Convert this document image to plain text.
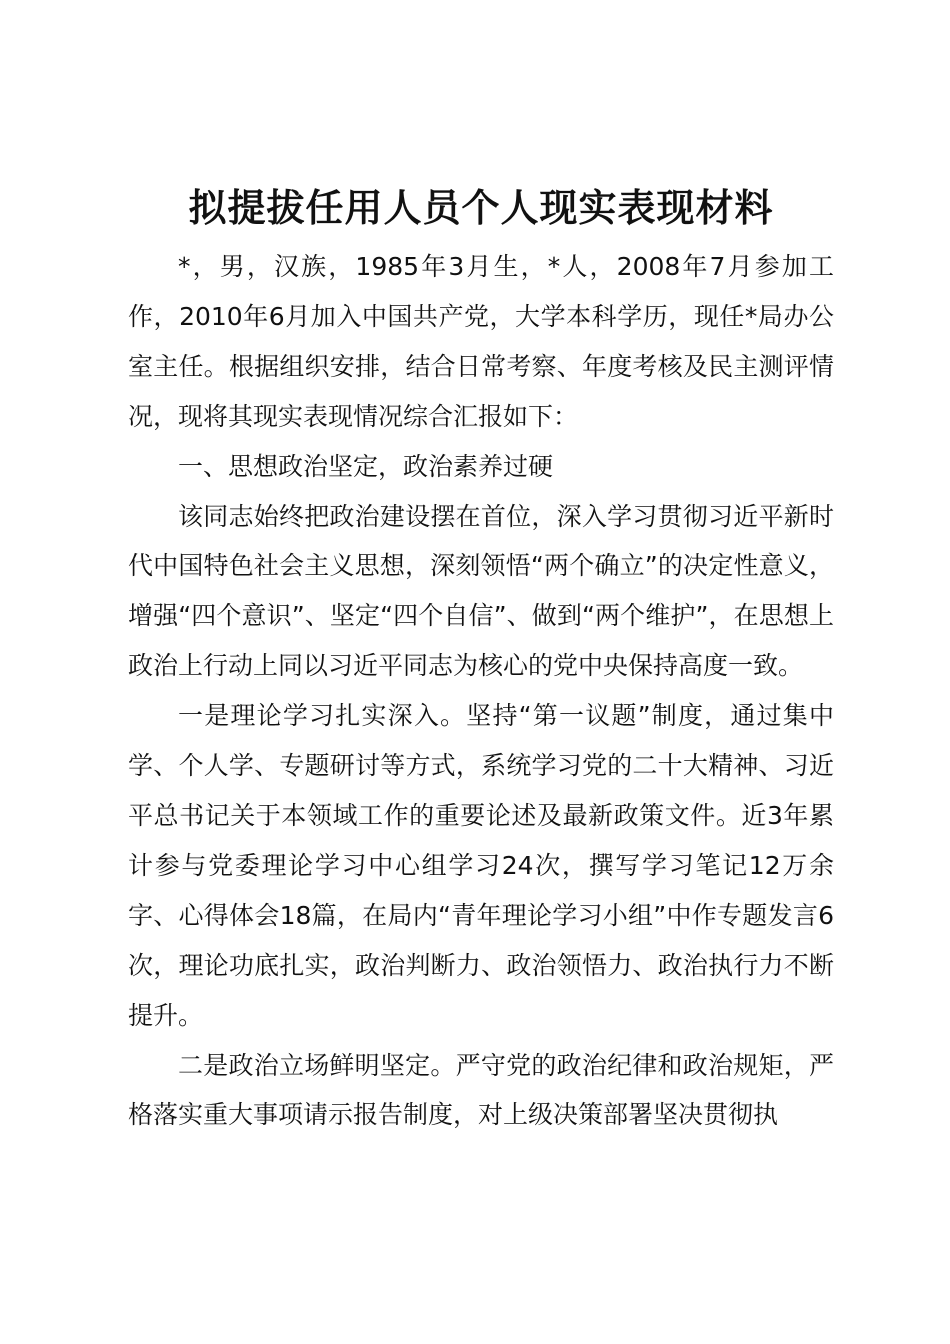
拟提拔任用人员个人现实表现材料

*，男，汉族，1985年3月生，*人，2008年7月参加工作，2010年6月加入中国共产党，大学本科学历，现任*局办公室主任。根据组织安排，结合日常考察、年度考核及民主测评情况，现将其现实表现情况综合汇报如下：

一、思想政治坚定，政治素养过硬

该同志始终把政治建设摆在首位，深入学习贯彻习近平新时代中国特色社会主义思想，深刻领悟“两个确立”的决定性意义，增强“四个意识”、坚定“四个自信”、做到“两个维护”，在思想上政治上行动上同以习近平同志为核心的党中央保持高度一致。

一是理论学习扎实深入。坚持“第一议题”制度，通过集中学、个人学、专题研讨等方式，系统学习党的二十大精神、习近平总书记关于本领域工作的重要论述及最新政策文件。近3年累计参与党委理论学习中心组学习24次，撰写学习笔记12万余字、心得体会18篇，在局内“青年理论学习小组”中作专题发言6次，理论功底扎实，政治判断力、政治领悟力、政治执行力不断提升。

二是政治立场鲜明坚定。严守党的政治纪律和政治规矩，严格落实重大事项请示报告制度，对上级决策部署坚决贯彻执
